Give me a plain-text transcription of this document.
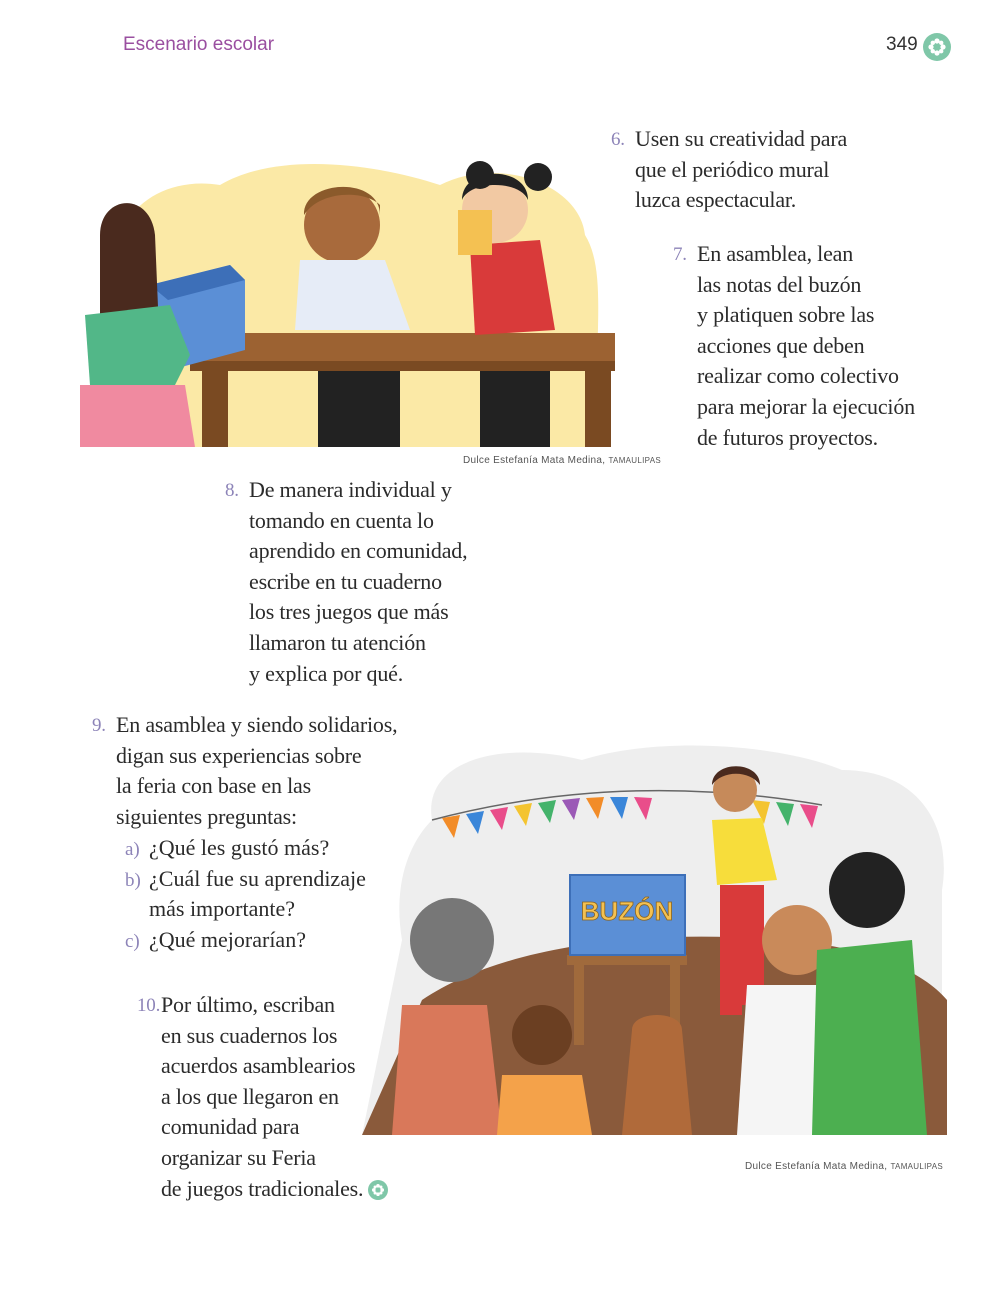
Escenario escolar	349
Dulce Estefanía Mata Medina, TAMAULIPAS
6. Usen su creatividad para
que el periódico mural
luzca espectacular.
7. En asamblea, lean
las notas del buzón
y platiquen sobre las
acciones que deben
realizar como colectivo
para mejorar la ejecución
de futuros proyectos.
8. De manera individual y
tomando en cuenta lo
aprendido en comunidad,
escribe en tu cuaderno
los tres juegos que más
llamaron tu atención
y explica por qué.
9. En asamblea y siendo solidarios,
digan sus experiencias sobre
la feria con base en las
siguientes preguntas:
a) ¿Qué les gustó más?
b) ¿Cuál fue su aprendizaje
más importante?
c) ¿Qué mejorarían?
10. Por último, escriban
en sus cuadernos los
acuerdos asamblearios
a los que llegaron en
comunidad para
organizar su Feria
de juegos tradicionales.
BUZÓN
Dulce Estefanía Mata Medina, TAMAULIPAS
